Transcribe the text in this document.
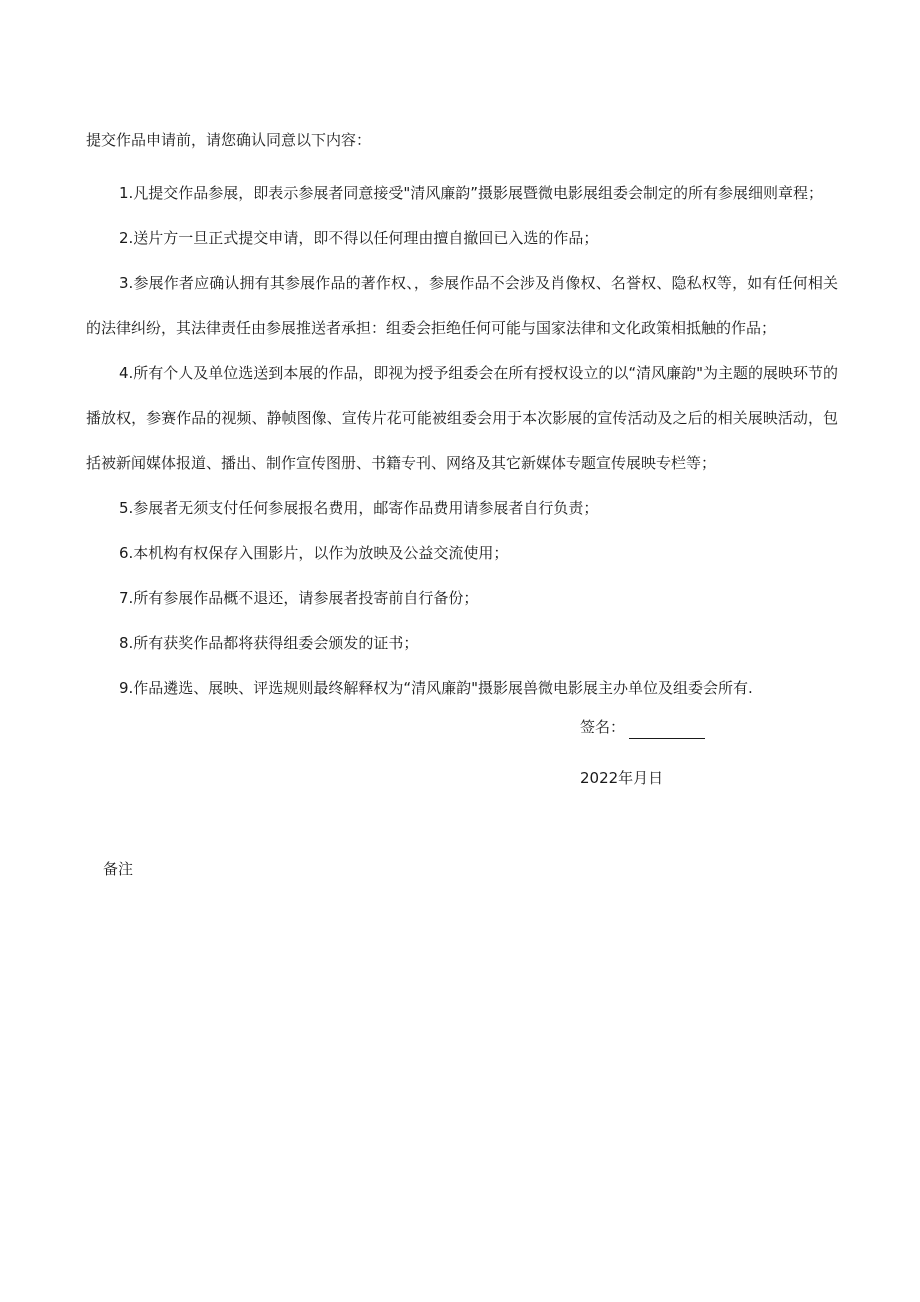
提交作品申请前，请您确认同意以下内容：
1.凡提交作品参展，即表示参展者同意接受"清风廉韵”摄影展暨微电影展组委会制定的所有参展细则章程；
2.送片方一旦正式提交申请，即不得以任何理由擅自撤回已入选的作品；
3.参展作者应确认拥有其参展作品的著作权、，参展作品不会涉及肖像权、名誉权、隐私权等，如有任何相关的法律纠纷，其法律责任由参展推送者承担：组委会拒绝任何可能与国家法律和文化政策相抵触的作品；
4.所有个人及单位选送到本展的作品，即视为授予组委会在所有授权设立的以“清风廉韵"为主题的展映环节的播放权，参赛作品的视频、静帧图像、宣传片花可能被组委会用于本次影展的宣传活动及之后的相关展映活动，包括被新闻媒体报道、播出、制作宣传图册、书籍专刊、网络及其它新媒体专题宣传展映专栏等；
5.参展者无须支付任何参展报名费用，邮寄作品费用请参展者自行负责；
6.本机构有权保存入围影片，以作为放映及公益交流使用；
7.所有参展作品概不退还，请参展者投寄前自行备份；
8.所有获奖作品都将获得组委会颁发的证书；
9.作品遴选、展映、评选规则最终解释权为“清风廉韵"摄影展兽微电影展主办单位及组委会所有.
签名：
2022年月日
备注
